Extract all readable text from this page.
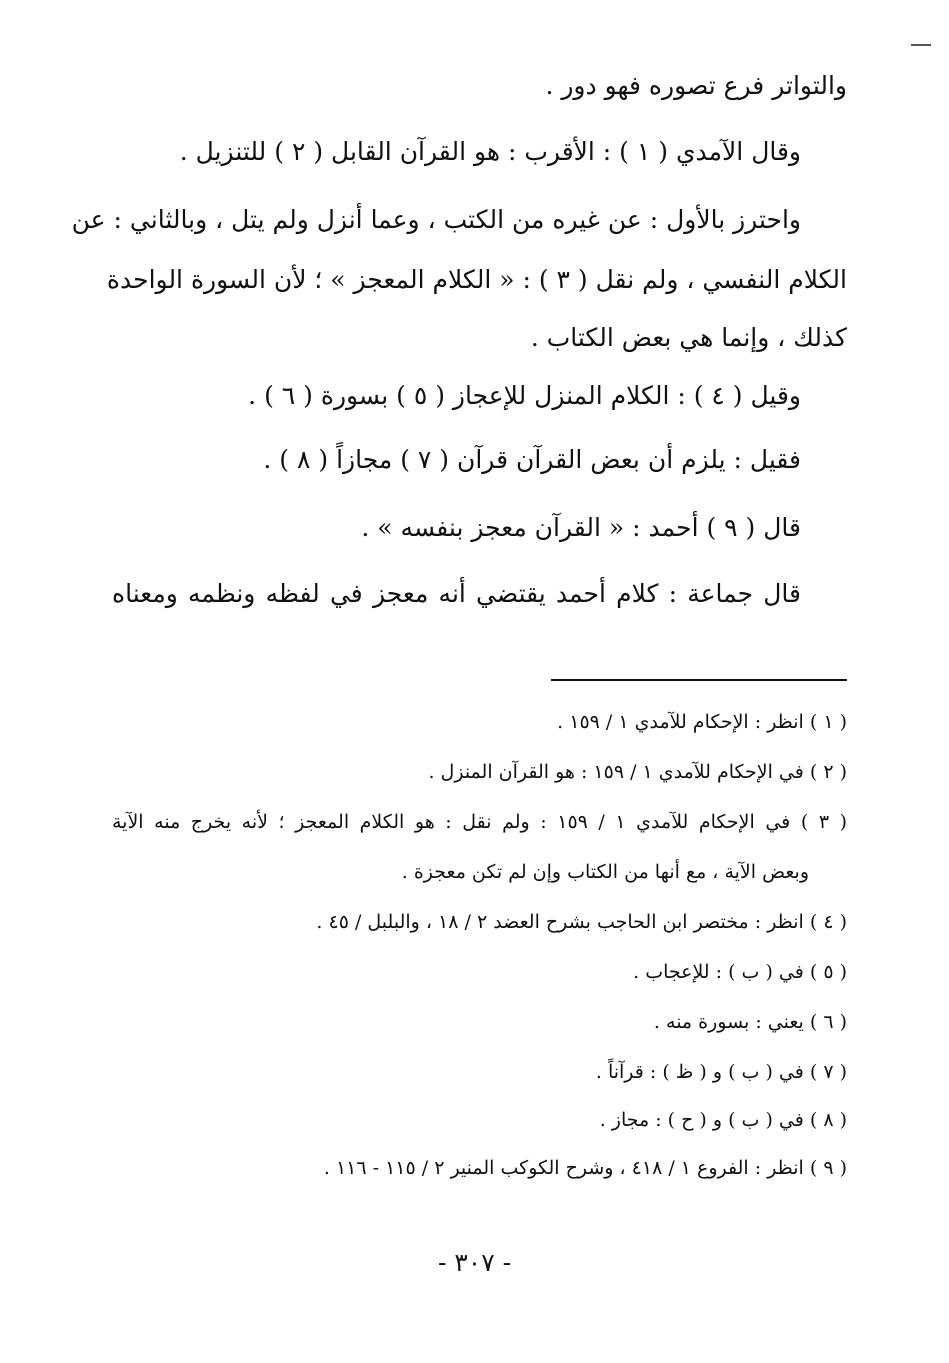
والتواتر فرع تصوره فهو دور .
وقال الآمدي ( ١ ) : الأقرب : هو القرآن القابل ( ٢ ) للتنزيل .
واحترز بالأول : عن غيره من الكتب ، وعما أنزل ولم يتل ، وبالثاني : عن
الكلام النفسي ، ولم نقل ( ٣ ) : « الكلام المعجز » ؛ لأن السورة الواحدة
كذلك ، وإنما هي بعض الكتاب .
وقيل ( ٤ ) : الكلام المنزل للإعجاز ( ٥ ) بسورة ( ٦ ) .
فقيل : يلزم أن بعض القرآن قرآن ( ٧ ) مجازاً ( ٨ ) .
قال ( ٩ ) أحمد : « القرآن معجز بنفسه » .
قال جماعة : كلام أحمد يقتضي أنه معجز في لفظه ونظمه ومعناه
( ١ ) انظر : الإحكام للآمدي ١ / ١٥٩ .
( ٢ ) في الإحكام للآمدي ١ / ١٥٩ : هو القرآن المنزل .
( ٣ ) في الإحكام للآمدي ١ / ١٥٩ : ولم نقل : هو الكلام المعجز ؛ لأنه يخرج منه الآية
وبعض الآية ، مع أنها من الكتاب وإن لم تكن معجزة .
( ٤ ) انظر : مختصر ابن الحاجب بشرح العضد ٢ / ١٨ ، والبلبل / ٤٥ .
( ٥ ) في ( ب ) : للإعجاب .
( ٦ ) يعني : بسورة منه .
( ٧ ) في ( ب ) و ( ظ ) : قرآناً .
( ٨ ) في ( ب ) و ( ح ) : مجاز .
( ٩ ) انظر : الفروع ١ / ٤١٨ ، وشرح الكوكب المنير ٢ / ١١٥ - ١١٦ .
- ٣٠٧ -
